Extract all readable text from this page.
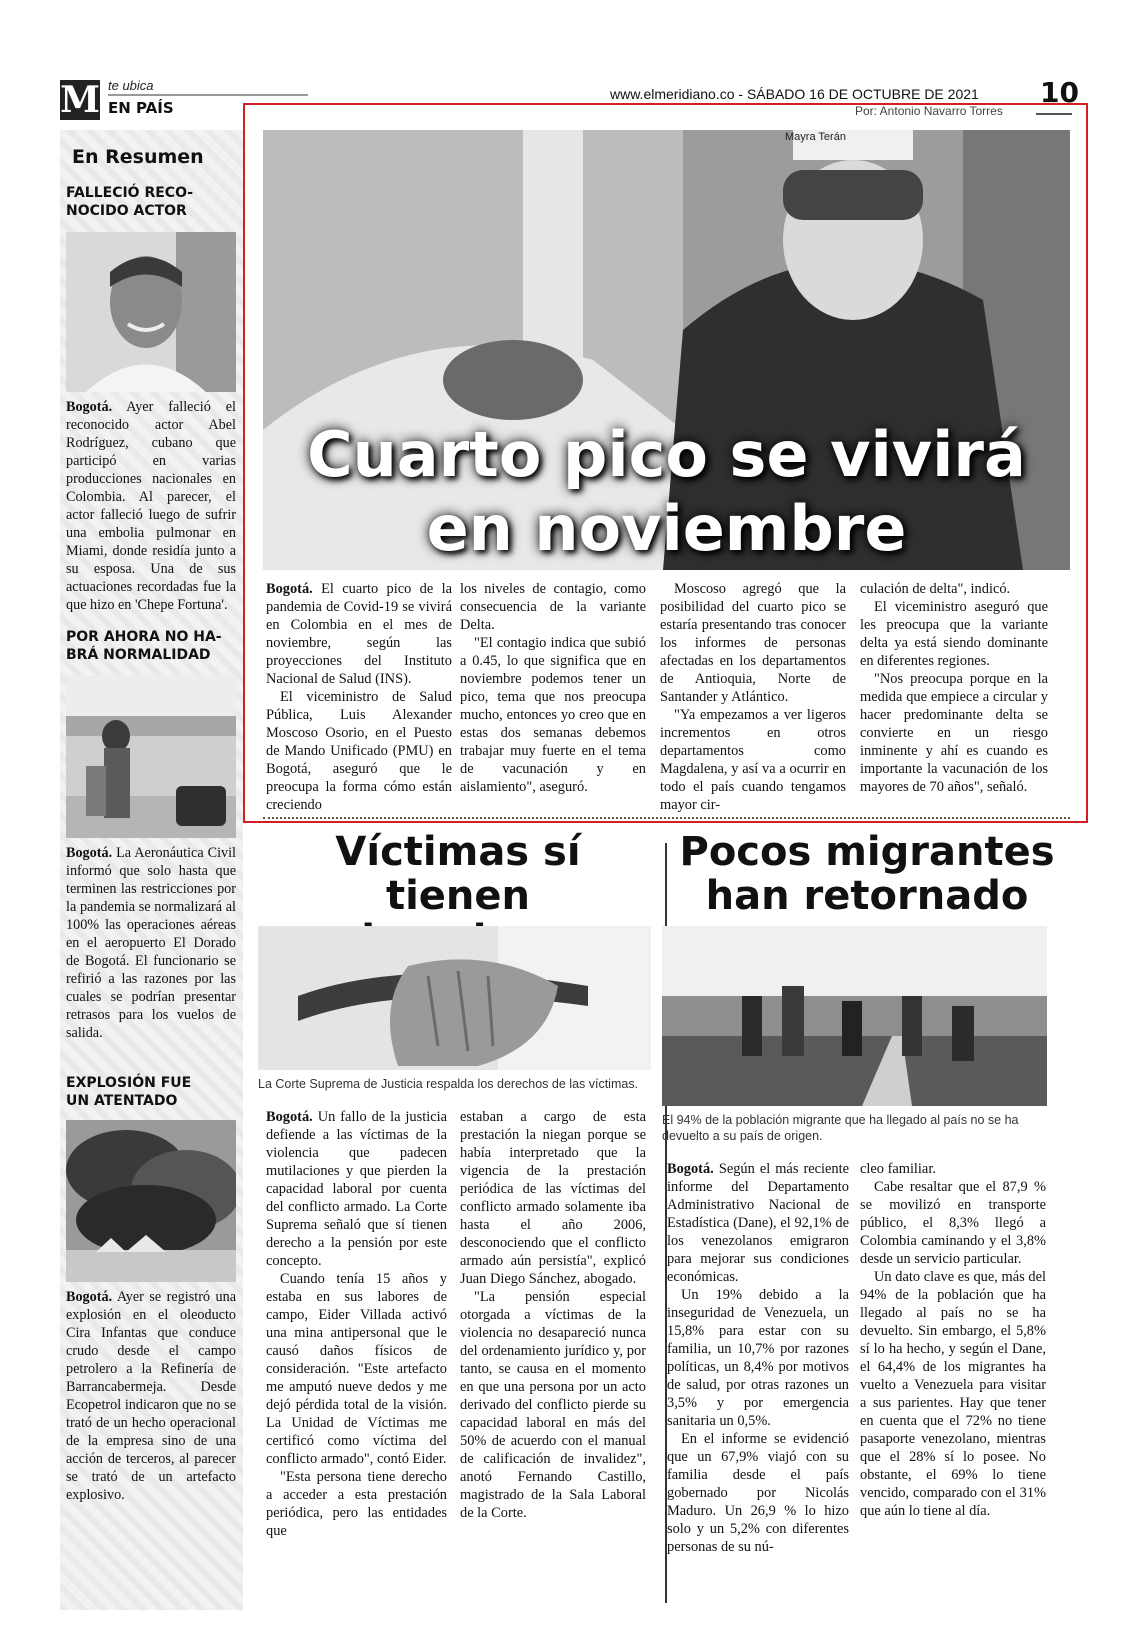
M te ubica
EN PAÍS
www.elmeridiano.co - SÁBADO 16 DE OCTUBRE DE 2021 10
Por: Antonio Navarro Torres
En Resumen
FALLECIÓ RECO-
NOCIDO ACTOR
Bogotá. Ayer falleció el reconocido actor Abel Rodríguez, cubano que participó en varias producciones nacionales en Colombia. Al parecer, el actor falleció luego de sufrir una embolia pulmonar en Miami, donde residía junto a su esposa. Una de sus actuaciones recordadas fue la que hizo en 'Chepe Fortuna'.
POR AHORA NO HA-
BRÁ NORMALIDAD
Bogotá. La Aeronáutica Civil informó que solo hasta que terminen las restricciones por la pandemia se normalizará al 100% las operaciones aéreas en el aeropuerto El Dorado de Bogotá. El funcionario se refirió a las razones por las cuales se podrían presentar retrasos para los vuelos de salida.
EXPLOSIÓN FUE
UN ATENTADO
Bogotá. Ayer se registró una explosión en el oleoducto Cira Infantas que conduce crudo desde el campo petrolero a la Refinería de Barrancabermeja. Desde Ecopetrol indicaron que no se trató de un hecho operacional de la empresa sino de una acción de terceros, al parecer se trató de un artefacto explosivo.
Mayra Terán
Cuarto pico se vivirá
en noviembre

Bogotá. El cuarto pico de la pandemia de Covid-19 se vivirá en Colombia en el mes de noviembre, según las proyecciones del Instituto Nacional de Salud (INS).

El viceministro de Salud Pública, Luis Alexander Moscoso Osorio, en el Puesto de Mando Unificado (PMU) en Bogotá, aseguró que le preocupa la forma cómo están creciendo

los niveles de contagio, como consecuencia de la variante Delta.

"El contagio indica que subió a 0.45, lo que significa que en noviembre podemos tener un pico, tema que nos preocupa mucho, entonces yo creo que en estas dos semanas debemos trabajar muy fuerte en el tema de vacunación y en aislamiento", aseguró.

Moscoso agregó que la posibilidad del cuarto pico se estaría presentando tras conocer los informes de personas afectadas en los departamentos de Antioquia, Norte de Santander y Atlántico.

"Ya empezamos a ver ligeros incrementos en otros departamentos como Magdalena, y así va a ocurrir en todo el país cuando tengamos mayor cir-

culación de delta", indicó.

El viceministro aseguró que les preocupa que la variante delta ya está siendo dominante en diferentes regiones.

"Nos preocupa porque en la medida que empiece a circular y hacer predominante delta se convierte en un riesgo inminente y ahí es cuando es importante la vacunación de los mayores de 70 años", señaló.

Víctimas sí tienen
La Corte Suprema de Justicia respalda los derechos de las víctimas.

Bogotá. Un fallo de la justicia defiende a las víctimas de la violencia que padecen mutilaciones y que pierden la capacidad laboral por cuenta del conflicto armado. La Corte Suprema señaló que sí tienen derecho a la pensión por este concepto.

Cuando tenía 15 años y estaba en sus labores de campo, Eider Villada activó una mina antipersonal que le causó daños físicos de consideración. "Este artefacto me amputó nueve dedos y me dejó pérdida total de la visión. La Unidad de Víctimas me certificó como víctima del conflicto armado", contó Eider.

"Esta persona tiene derecho a acceder a esta prestación periódica, pero las entidades que

estaban a cargo de esta prestación la niegan porque se había interpretado que la vigencia de la prestación periódica de las víctimas del conflicto armado solamente iba hasta el año 2006, desconociendo que el conflicto armado aún persistía", explicó Juan Diego Sánchez, abogado.

"La pensión especial otorgada a víctimas de la violencia no desapareció nunca del ordenamiento jurídico y, por tanto, se causa en el momento en que una persona por un acto derivado del conflicto pierde su capacidad laboral en más del 50% de acuerdo con el manual de calificación de invalidez", anotó Fernando Castillo, magistrado de la Sala Laboral de la Corte.

Pocos migrantes
han retornado
El 94% de la población migrante que ha llegado al país no se ha devuelto a su país de origen.

Bogotá. Según el más reciente informe del Departamento Administrativo Nacional de Estadística (Dane), el 92,1% de los venezolanos emigraron para mejorar sus condiciones económicas.

Un 19% debido a la inseguridad de Venezuela, un 15,8% para estar con su familia, un 10,7% por razones políticas, un 8,4% por motivos de salud, por otras razones un 3,5% y por emergencia sanitaria un 0,5%.

En el informe se evidenció que un 67,9% viajó con su familia desde el país gobernado por Nicolás Maduro. Un 26,9 % lo hizo solo y un 5,2% con diferentes personas de su nú-

cleo familiar.

Cabe resaltar que el 87,9 % se movilizó en transporte público, el 8,3% llegó a Colombia caminando y el 3,8% desde un servicio particular.

Un dato clave es que, más del 94% de la población que ha llegado al país no se ha devuelto. Sin embargo, el 5,8% sí lo ha hecho, y según el Dane, el 64,4% de los migrantes ha vuelto a Venezuela para visitar a sus parientes. Hay que tener en cuenta que el 72% no tiene pasaporte venezolano, mientras que el 28% sí lo posee. No obstante, el 69% lo tiene vencido, comparado con el 31% que aún lo tiene al día.
